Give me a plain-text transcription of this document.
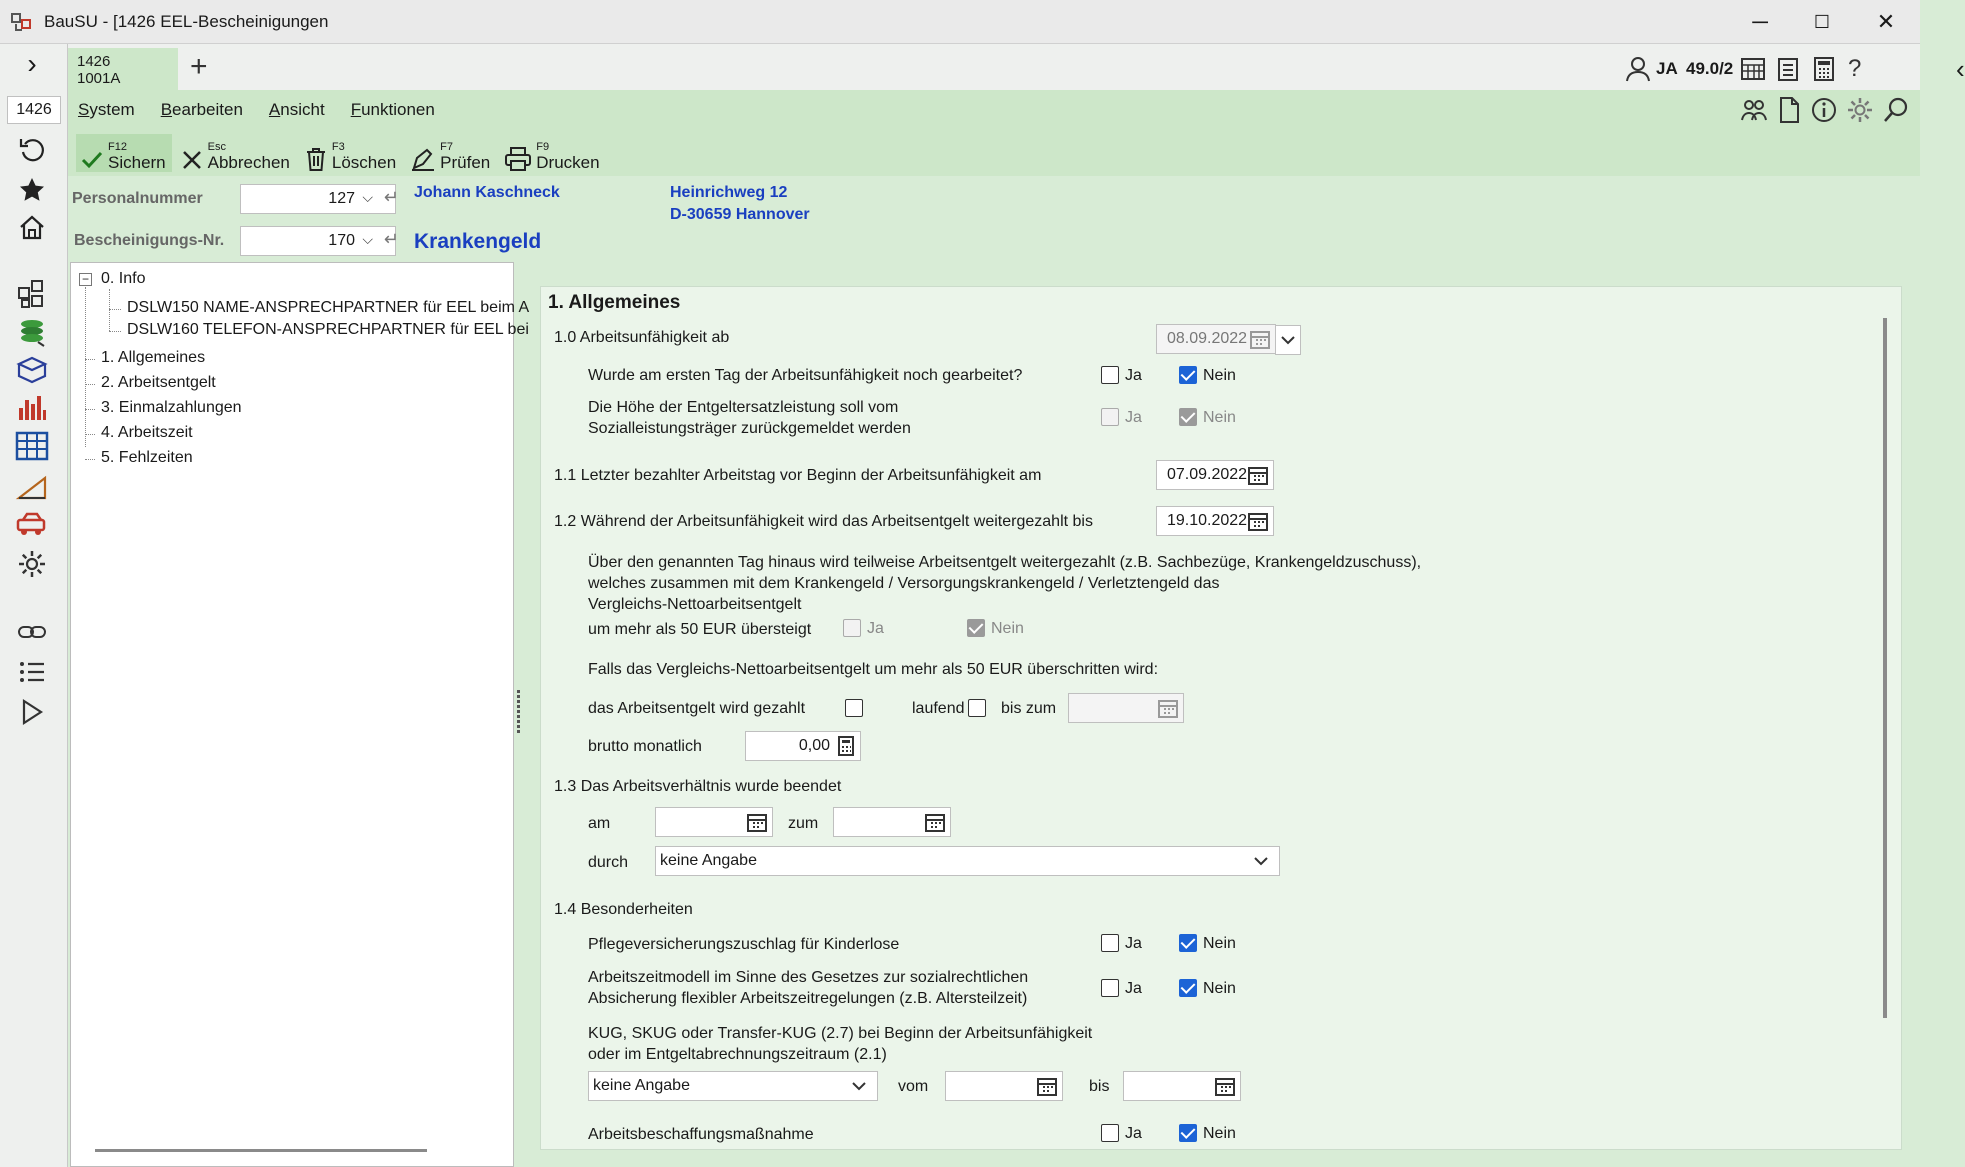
BauSU - [1426 EEL-Bescheinigungen	─	☐	✕
›
1426
1426
1001A	+	JA 49.0/2	?	‹
System Bearbeiten Ansicht Funktionen
F12
Sichern
Esc
Abbrechen
F3
Löschen
F7
Prüfen
F9
Drucken
Personalnummer	127 ⌵ ↵
Bescheinigungs-Nr.	170 ⌵ ↵
Johann Kaschneck	Heinrichweg 12
D-30659 Hannover
Krankengeld
− 0. Info
DSLW150 NAME-ANSPRECHPARTNER für EEL beim A
DSLW160 TELEFON-ANSPRECHPARTNER für EEL bei
1. Allgemeines
2. Arbeitsentgelt
3. Einmalzahlungen
4. Arbeitszeit
5. Fehlzeiten
1. Allgemeines
1.0 Arbeitsunfähigkeit ab	08.09.2022
Wurde am ersten Tag der Arbeitsunfähigkeit noch gearbeitet?	Ja	Nein
Die Höhe der Entgeltersatzleistung soll vom
Sozialleistungsträger zurückgemeldet werden
Ja	Nein
1.1 Letzter bezahlter Arbeitstag vor Beginn der Arbeitsunfähigkeit am	07.09.2022
1.2 Während der Arbeitsunfähigkeit wird das Arbeitsentgelt weitergezahlt bis	19.10.2022
Über den genannten Tag hinaus wird teilweise Arbeitsentgelt weitergezahlt (z.B. Sachbezüge, Krankengeldzuschuss),
welches zusammen mit dem Krankengeld / Versorgungskrankengeld / Verletztengeld das
Vergleichs-Nettoarbeitsentgelt
um mehr als 50 EUR übersteigt	Ja	Nein
Falls das Vergleichs-Nettoarbeitsentgelt um mehr als 50 EUR überschritten wird:
das Arbeitsentgelt wird gezahlt	laufend bis zum
brutto monatlich	0,00
1.3 Das Arbeitsverhältnis wurde beendet
am	zum
durch keine Angabe
1.4 Besonderheiten
Pflegeversicherungszuschlag für Kinderlose	Ja	Nein
Arbeitszeitmodell im Sinne des Gesetzes zur sozialrechtlichen
Absicherung flexibler Arbeitszeitregelungen (z.B. Altersteilzeit)
Ja	Nein
KUG, SKUG oder Transfer-KUG (2.7) bei Beginn der Arbeitsunfähigkeit
oder im Entgeltabrechnungszeitraum (2.1)
keine Angabe	vom	bis
Arbeitsbeschaffungsmaßnahme	Ja	Nein
